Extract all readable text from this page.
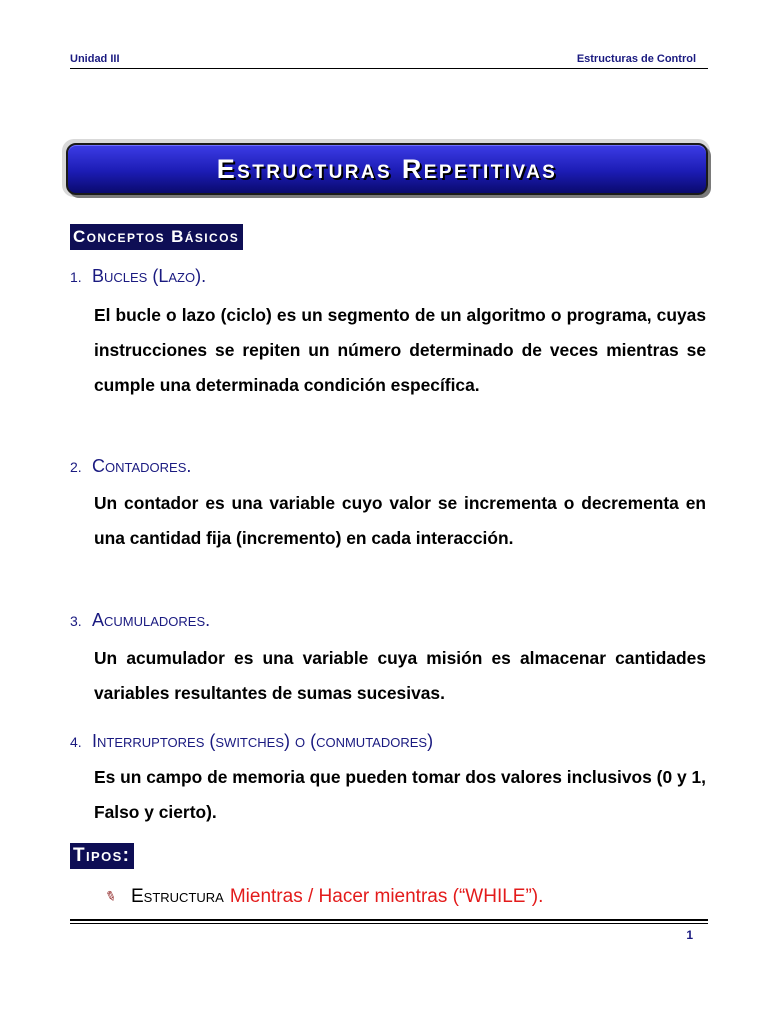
Unidad III	Estructuras de Control
Estructuras Repetitivas
Conceptos Básicos
1. Bucles (Lazo).
El bucle o lazo (ciclo) es un segmento de un algoritmo o programa, cuyas instrucciones se repiten un número determinado de veces mientras se cumple una determinada condición específica.
2. Contadores.
Un contador es una variable cuyo valor se incrementa o decrementa en una cantidad fija (incremento) en cada interacción.
3. Acumuladores.
Un acumulador es una variable cuya misión es almacenar cantidades variables resultantes de sumas sucesivas.
4. Interruptores (switches) o (conmutadores)
Es un campo de memoria que pueden tomar dos valores inclusivos (0 y 1, Falso y cierto).
Tipos:
✎ Estructura Mientras / Hacer mientras (“WHILE”).
1
